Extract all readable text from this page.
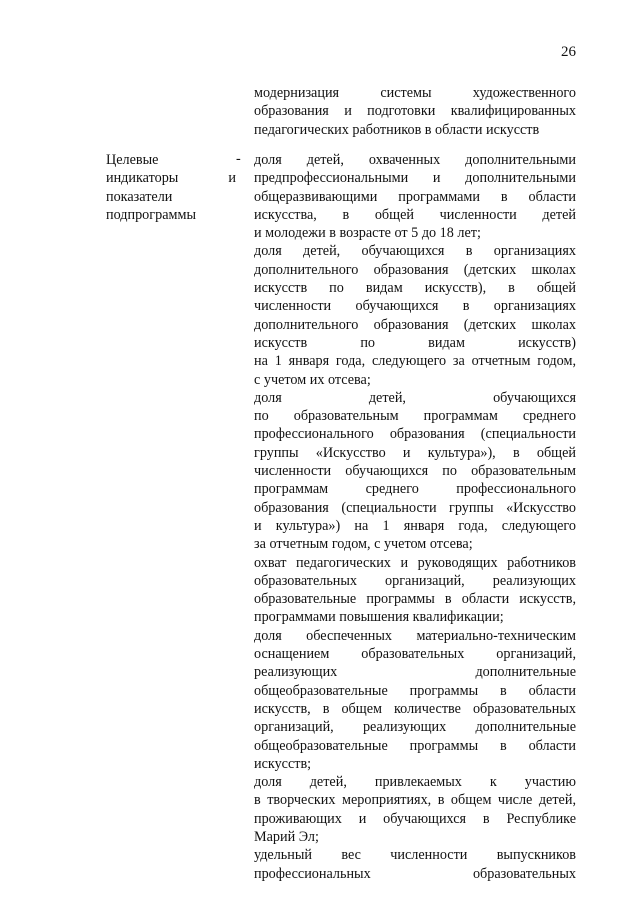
26
модернизация системы художественного
образования и подготовки квалифицированных
педагогических работников в области искусств
Целевые
индикаторы и
показатели
подпрограммы
- доля детей, охваченных дополнительными
предпрофессиональными и дополнительными
общеразвивающими программами в области
искусства, в общей численности детей
и молодежи в возрасте от 5 до 18 лет;
доля детей, обучающихся в организациях
дополнительного образования (детских школах
искусств по видам искусств), в общей
численности обучающихся в организациях
дополнительного образования (детских школах
искусств по видам искусств)
на 1 января года, следующего за отчетным годом,
с учетом их отсева;
доля детей, обучающихся
по образовательным программам среднего
профессионального образования (специальности
группы «Искусство и культура»), в общей
численности обучающихся по образовательным
программам среднего профессионального
образования (специальности группы «Искусство
и культура») на 1 января года, следующего
за отчетным годом, с учетом отсева;
охват педагогических и руководящих работников
образовательных организаций, реализующих
образовательные программы в области искусств,
программами повышения квалификации;
доля обеспеченных материально-техническим
оснащением образовательных организаций,
реализующих дополнительные
общеобразовательные программы в области
искусств, в общем количестве образовательных
организаций, реализующих дополнительные
общеобразовательные программы в области
искусств;
доля детей, привлекаемых к участию
в творческих мероприятиях, в общем числе детей,
проживающих и обучающихся в Республике
Марий Эл;
удельный вес численности выпускников
профессиональных образовательных
